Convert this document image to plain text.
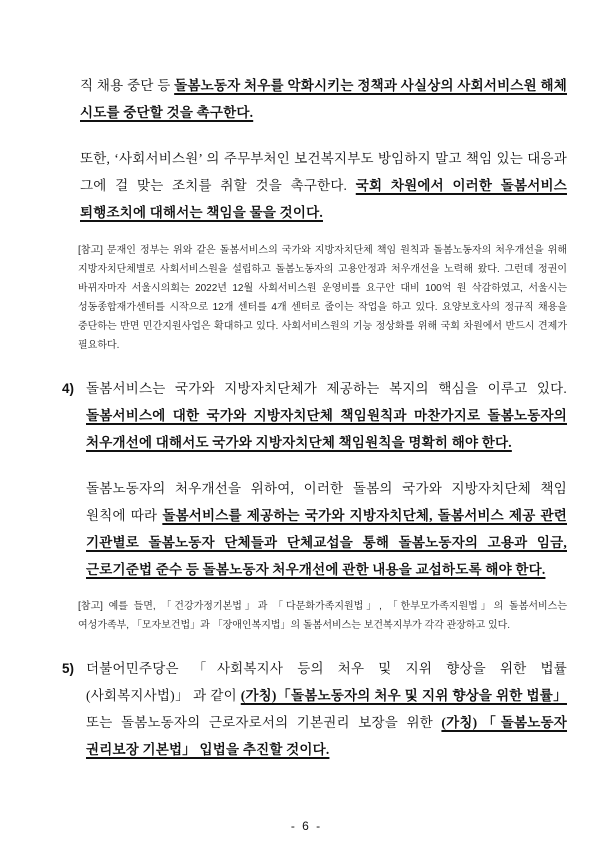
직 채용 중단 등 돌봄노동자 처우를 악화시키는 정책과 사실상의 사회서비스원 해체 시도를 중단할 것을 촉구한다.

또한, ‘사회서비스원’ 의 주무부처인 보건복지부도 방임하지 말고 책임 있는 대응과 그에 걸 맞는 조치를 취할 것을 촉구한다. 국회 차원에서 이러한 돌봄서비스 퇴행조치에 대해서는 책임을 물을 것이다.

[참고] 문재인 정부는 위와 같은 돌봄서비스의 국가와 지방자치단체 책임 원칙과 돌봄노동자의 처우개선을 위해 지방자치단체별로 사회서비스원을 설립하고 돌봄노동자의 고용안정과 처우개선을 노력해 왔다. 그런데 정권이 바뀌자마자 서울시의회는 2022년 12월 사회서비스원 운영비를 요구안 대비 100억 원 삭감하였고, 서울시는 성동종합재가센터를 시작으로 12개 센터를 4개 센터로 줄이는 작업을 하고 있다. 요양보호사의 정규직 채용을 중단하는 반면 민간지원사업은 확대하고 있다. 사회서비스원의 기능 정상화를 위해 국회 차원에서 반드시 견제가 필요하다.

4) 돌봄서비스는 국가와 지방자치단체가 제공하는 복지의 핵심을 이루고 있다. 돌봄서비스에 대한 국가와 지방자치단체 책임원칙과 마찬가지로 돌봄노동자의 처우개선에 대해서도 국가와 지방자치단체 책임원칙을 명확히 해야 한다.

돌봄노동자의 처우개선을 위하여, 이러한 돌봄의 국가와 지방자치단체 책임 원칙에 따라 돌봄서비스를 제공하는 국가와 지방자치단체, 돌봄서비스 제공 관련 기관별로 돌봄노동자 단체들과 단체교섭을 통해 돌봄노동자의 고용과 임금, 근로기준법 준수 등 돌봄노동자 처우개선에 관한 내용을 교섭하도록 해야 한다.

[참고] 예를 들면, 「건강가정기본법」과 「다문화가족지원법」, 「한부모가족지원법」의 돌봄서비스는 여성가족부, 「모자보건법」과 「장애인복지법」의 돌봄서비스는 보건복지부가 각각 관장하고 있다.

5) 더불어민주당은 「사회복지사 등의 처우 및 지위 향상을 위한 법률(사회복지사법)」 과 같이 (가칭)「돌봄노동자의 처우 및 지위 향상을 위한 법률」 또는 돌봄노동자의 근로자로서의 기본권리 보장을 위한 (가칭)「돌봄노동자 권리보장 기본법」 입법을 추진할 것이다.
- 6 -
